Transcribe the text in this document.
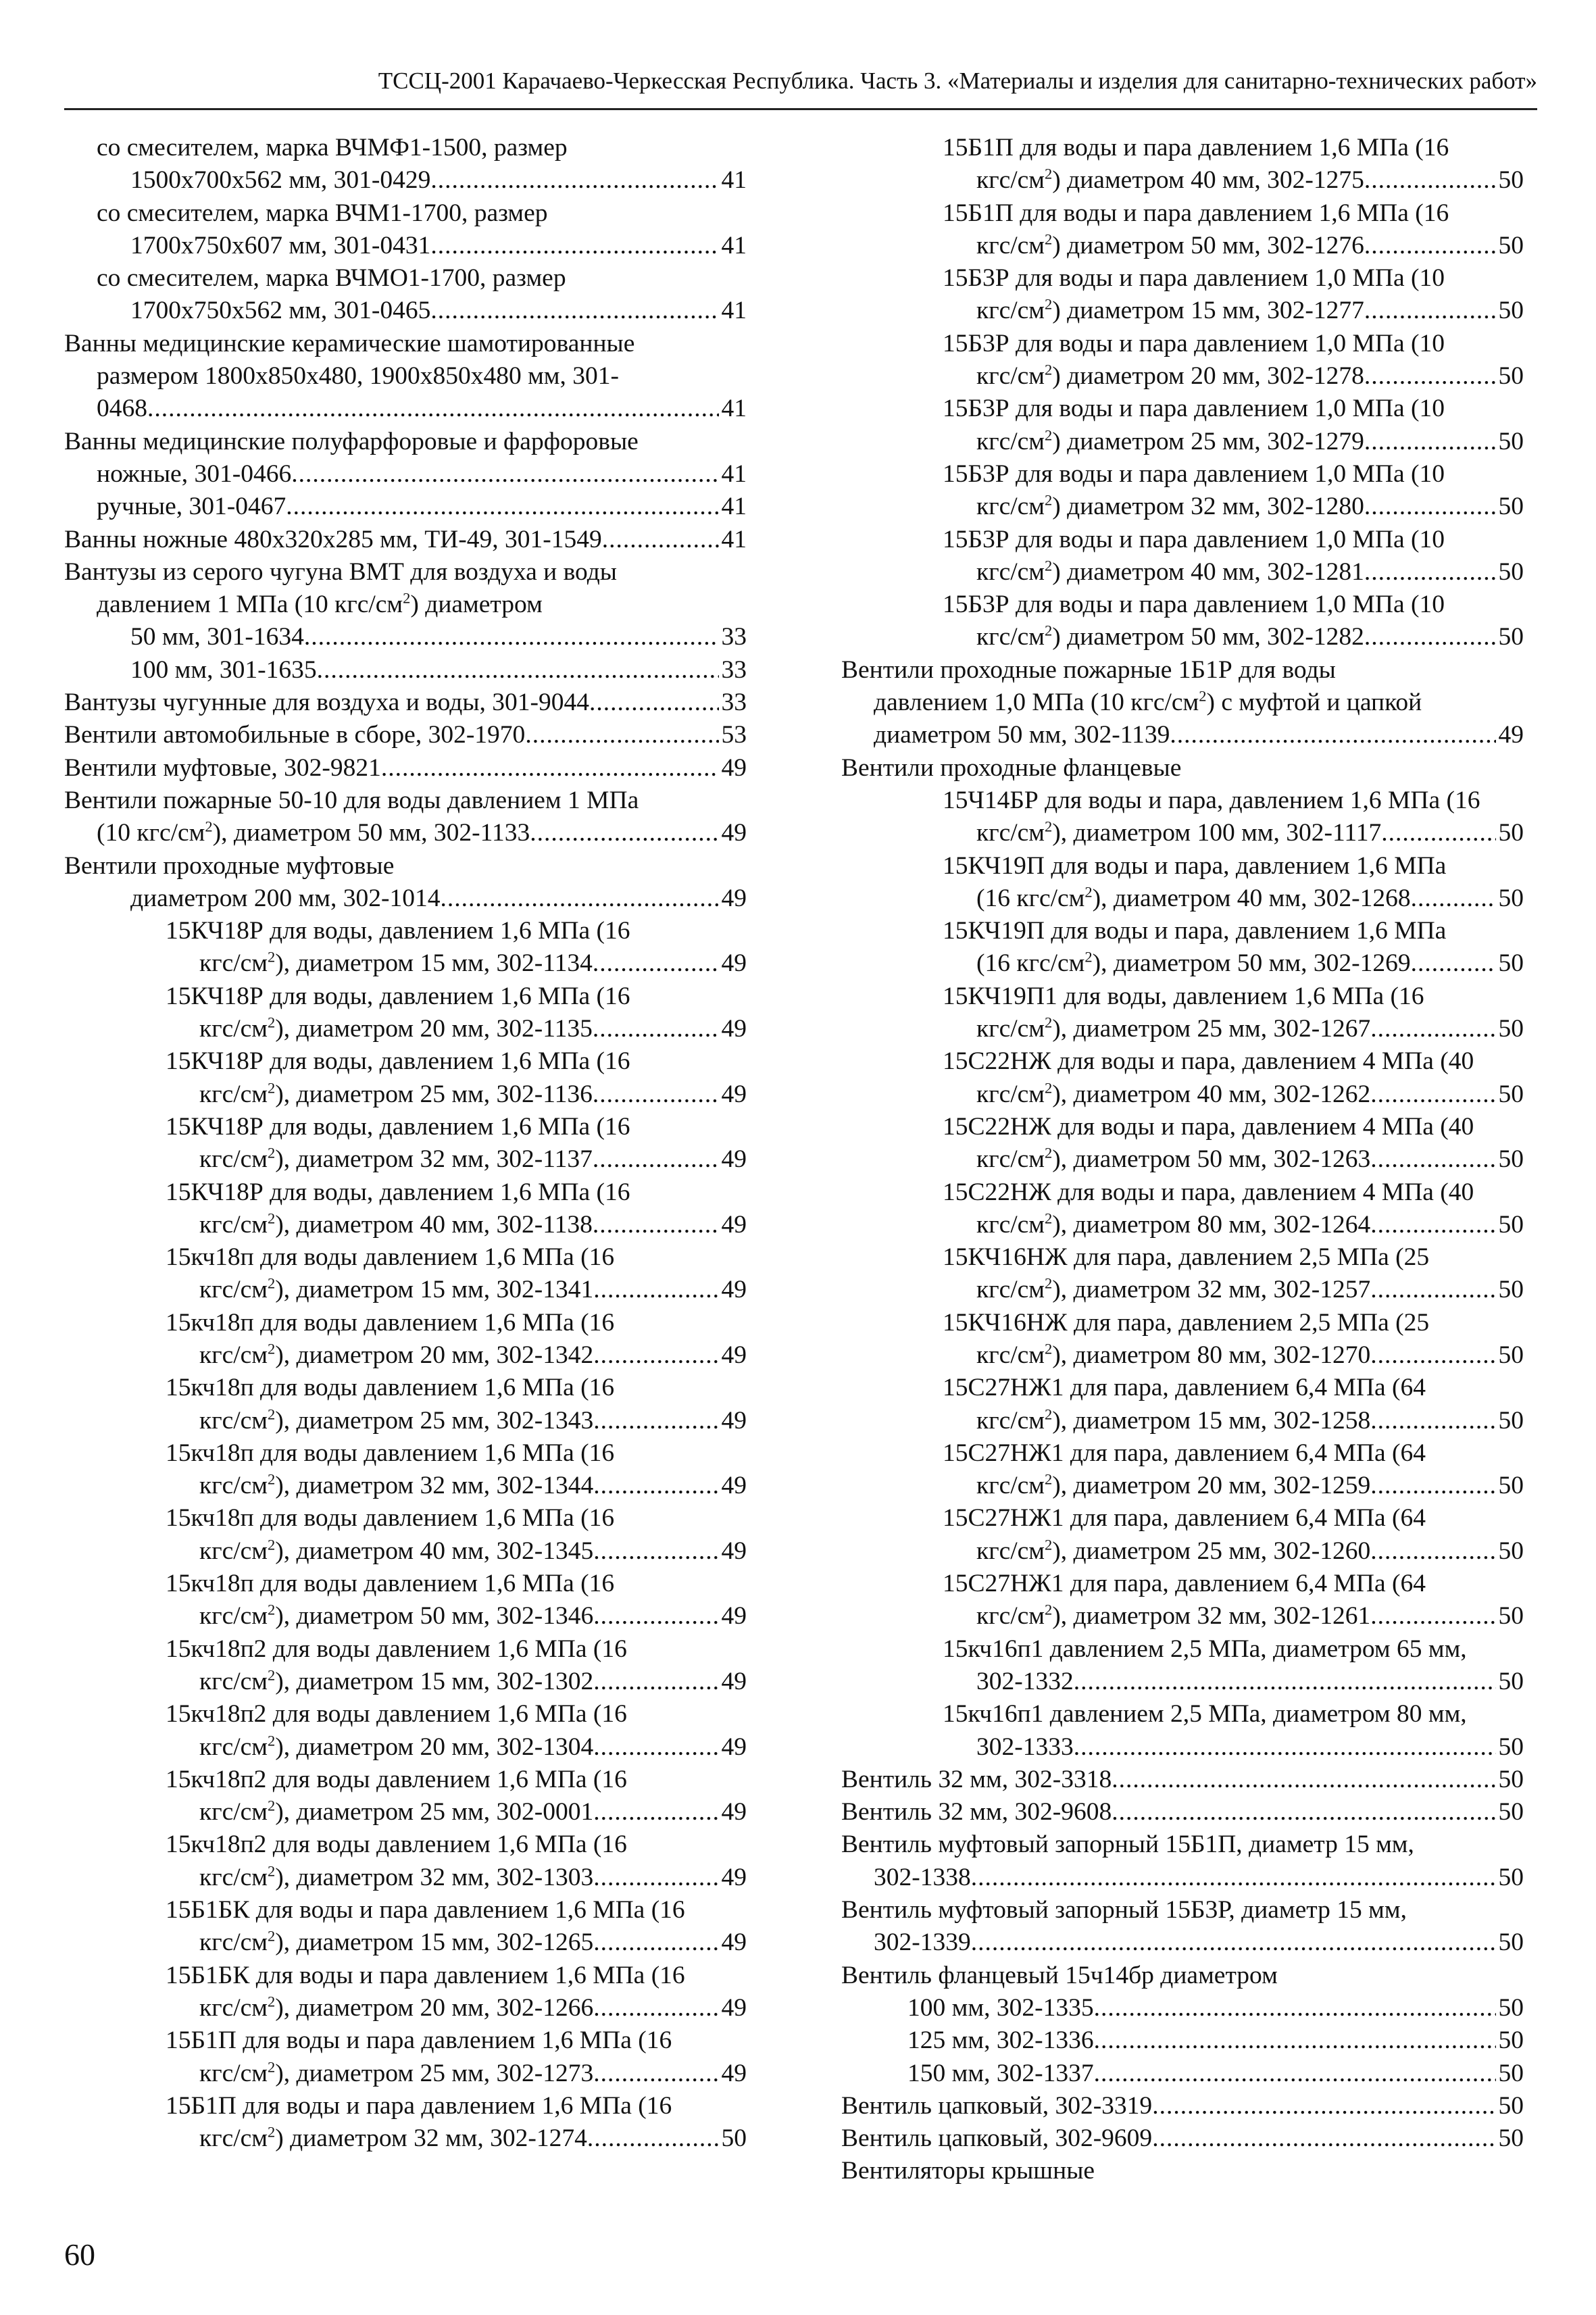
ТССЦ-2001 Карачаево-Черкесская Республика. Часть 3. «Материалы и изделия для санитарно-технических работ»
со смесителем, марка ВЧМФ1-1500, размер
1500х700х562 мм, 301-0429 .....	41
со смесителем, марка ВЧМ1-1700, размер
1700х750х607 мм, 301-0431 .....	41
со смесителем, марка ВЧМО1-1700, размер
1700х750х562 мм, 301-0465 .....	41
Ванны медицинские керамические шамотированные
размером 1800х850х480, 1900х850х480 мм, 301-
0468 .....	41
Ванны медицинские полуфарфоровые и фарфоровые
ножные, 301-0466 .....	41
ручные, 301-0467 .....	41
Ванны ножные 480х320х285 мм, ТИ-49, 301-1549 .....	41
Вантузы из серого чугуна ВМТ для воздуха и воды
давлением 1 МПа (10 кгс/$см^2$) диаметром
50 мм, 301-1634 .....	33
100 мм, 301-1635 .....	33
Вантузы чугунные для воздуха и воды, 301-9044 .....	33
Вентили автомобильные в сборе, 302-1970 .....	53
Вентили муфтовые, 302-9821 .....	49
Вентили пожарные 50-10 для воды давлением 1 МПа
(10 кгс/$см^2$), диаметром 50 мм, 302-1133 .....	49
Вентили проходные муфтовые
диаметром 200 мм, 302-1014 .....	49
15КЧ18Р для воды, давлением 1,6 МПа (16
кгс/$см^2$), диаметром 15 мм, 302-1134 .....	49
15КЧ18Р для воды, давлением 1,6 МПа (16
кгс/$см^2$), диаметром 20 мм, 302-1135 .....	49
15КЧ18Р для воды, давлением 1,6 МПа (16
кгс/$см^2$), диаметром 25 мм, 302-1136 .....	49
15КЧ18Р для воды, давлением 1,6 МПа (16
кгс/$см^2$), диаметром 32 мм, 302-1137 .....	49
15КЧ18Р для воды, давлением 1,6 МПа (16
кгс/$см^2$), диаметром 40 мм, 302-1138 .....	49
15кч18п для воды давлением 1,6 МПа (16
кгс/$см^2$), диаметром 15 мм, 302-1341 .....	49
15кч18п для воды давлением 1,6 МПа (16
кгс/$см^2$), диаметром 20 мм, 302-1342 .....	49
15кч18п для воды давлением 1,6 МПа (16
кгс/$см^2$), диаметром 25 мм, 302-1343 .....	49
15кч18п для воды давлением 1,6 МПа (16
кгс/$см^2$), диаметром 32 мм, 302-1344 .....	49
15кч18п для воды давлением 1,6 МПа (16
кгс/$см^2$), диаметром 40 мм, 302-1345 .....	49
15кч18п для воды давлением 1,6 МПа (16
кгс/$см^2$), диаметром 50 мм, 302-1346 .....	49
15кч18п2 для воды давлением 1,6 МПа (16
кгс/$см^2$), диаметром 15 мм, 302-1302 .....	49
15кч18п2 для воды давлением 1,6 МПа (16
кгс/$см^2$), диаметром 20 мм, 302-1304 .....	49
15кч18п2 для воды давлением 1,6 МПа (16
кгс/$см^2$), диаметром 25 мм, 302-0001 .....	49
15кч18п2 для воды давлением 1,6 МПа (16
кгс/$см^2$), диаметром 32 мм, 302-1303 .....	49
15Б1БК для воды и пара давлением 1,6 МПа (16
кгс/$см^2$), диаметром 15 мм, 302-1265 .....	49
15Б1БК для воды и пара давлением 1,6 МПа (16
кгс/$см^2$), диаметром 20 мм, 302-1266 .....	49
15Б1П для воды и пара давлением 1,6 МПа (16
кгс/$см^2$), диаметром 25 мм, 302-1273 .....	49
15Б1П для воды и пара давлением 1,6 МПа (16
кгс/$см^2$) диаметром 32 мм, 302-1274 .....	50
15Б1П для воды и пара давлением 1,6 МПа (16
кгс/$см^2$) диаметром 40 мм, 302-1275 .....	50
15Б1П для воды и пара давлением 1,6 МПа (16
кгс/$см^2$) диаметром 50 мм, 302-1276 .....	50
15Б3Р для воды и пара давлением 1,0 МПа (10
кгс/$см^2$) диаметром 15 мм, 302-1277 .....	50
15Б3Р для воды и пара давлением 1,0 МПа (10
кгс/$см^2$) диаметром 20 мм, 302-1278 .....	50
15Б3Р для воды и пара давлением 1,0 МПа (10
кгс/$см^2$) диаметром 25 мм, 302-1279 .....	50
15Б3Р для воды и пара давлением 1,0 МПа (10
кгс/$см^2$) диаметром 32 мм, 302-1280 .....	50
15Б3Р для воды и пара давлением 1,0 МПа (10
кгс/$см^2$) диаметром 40 мм, 302-1281 .....	50
15Б3Р для воды и пара давлением 1,0 МПа (10
кгс/$см^2$) диаметром 50 мм, 302-1282 .....	50
Вентили проходные пожарные 1Б1Р для воды
давлением 1,0 МПа (10 кгс/$см^2$) с муфтой и цапкой
диаметром 50 мм, 302-1139 .....	49
Вентили проходные фланцевые
15Ч14БР для воды и пара, давлением 1,6 МПа (16
кгс/$см^2$), диаметром 100 мм, 302-1117 .....	50
15КЧ19П для воды и пара, давлением 1,6 МПа
(16 кгс/$см^2$), диаметром 40 мм, 302-1268 .....	50
15КЧ19П для воды и пара, давлением 1,6 МПа
(16 кгс/$см^2$), диаметром 50 мм, 302-1269 .....	50
15КЧ19П1 для воды, давлением 1,6 МПа (16
кгс/$см^2$), диаметром 25 мм, 302-1267 .....	50
15С22НЖ для воды и пара, давлением 4 МПа (40
кгс/$см^2$), диаметром 40 мм, 302-1262 .....	50
15С22НЖ для воды и пара, давлением 4 МПа (40
кгс/$см^2$), диаметром 50 мм, 302-1263 .....	50
15С22НЖ для воды и пара, давлением 4 МПа (40
кгс/$см^2$), диаметром 80 мм, 302-1264 .....	50
15КЧ16НЖ для пара, давлением 2,5 МПа (25
кгс/$см^2$), диаметром 32 мм, 302-1257 .....	50
15КЧ16НЖ для пара, давлением 2,5 МПа (25
кгс/$см^2$), диаметром 80 мм, 302-1270 .....	50
15С27НЖ1 для пара, давлением 6,4 МПа (64
кгс/$см^2$), диаметром 15 мм, 302-1258 .....	50
15С27НЖ1 для пара, давлением 6,4 МПа (64
кгс/$см^2$), диаметром 20 мм, 302-1259 .....	50
15С27НЖ1 для пара, давлением 6,4 МПа (64
кгс/$см^2$), диаметром 25 мм, 302-1260 .....	50
15С27НЖ1 для пара, давлением 6,4 МПа (64
кгс/$см^2$), диаметром 32 мм, 302-1261 .....	50
15кч16п1 давлением 2,5 МПа, диаметром 65 мм,
302-1332 .....	50
15кч16п1 давлением 2,5 МПа, диаметром 80 мм,
302-1333 .....	50
Вентиль 32 мм, 302-3318 .....	50
Вентиль 32 мм, 302-9608 .....	50
Вентиль муфтовый запорный 15Б1П, диаметр 15 мм,
302-1338 .....	50
Вентиль муфтовый запорный 15Б3Р, диаметр 15 мм,
302-1339 .....	50
Вентиль фланцевый 15ч14бр диаметром
100 мм, 302-1335 .....	50
125 мм, 302-1336 .....	50
150 мм, 302-1337 .....	50
Вентиль цапковый, 302-3319 .....	50
Вентиль цапковый, 302-9609 .....	50
Вентиляторы крышные
60
